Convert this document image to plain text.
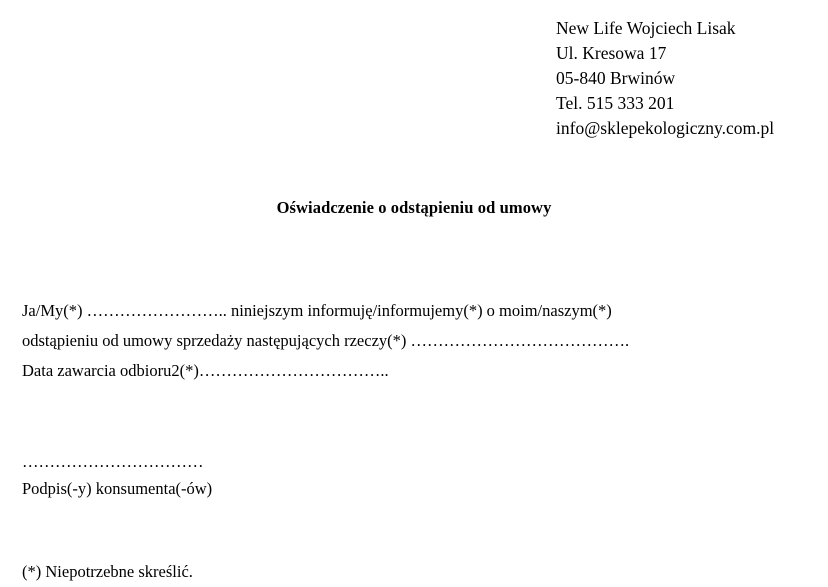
New Life Wojciech Lisak
Ul. Kresowa 17
05-840 Brwinów
Tel. 515 333 201
info@sklepekologiczny.com.pl
Oświadczenie o odstąpieniu od umowy
Ja/My(*) …………………….. niniejszym informuję/informujemy(*) o moim/naszym(*)
odstąpieniu od umowy sprzedaży następujących rzeczy(*) ………………………………….
Data zawarcia odbioru2(*)……………………………..
……………………………
Podpis(-y) konsumenta(-ów)
(*) Niepotrzebne skreślić.
